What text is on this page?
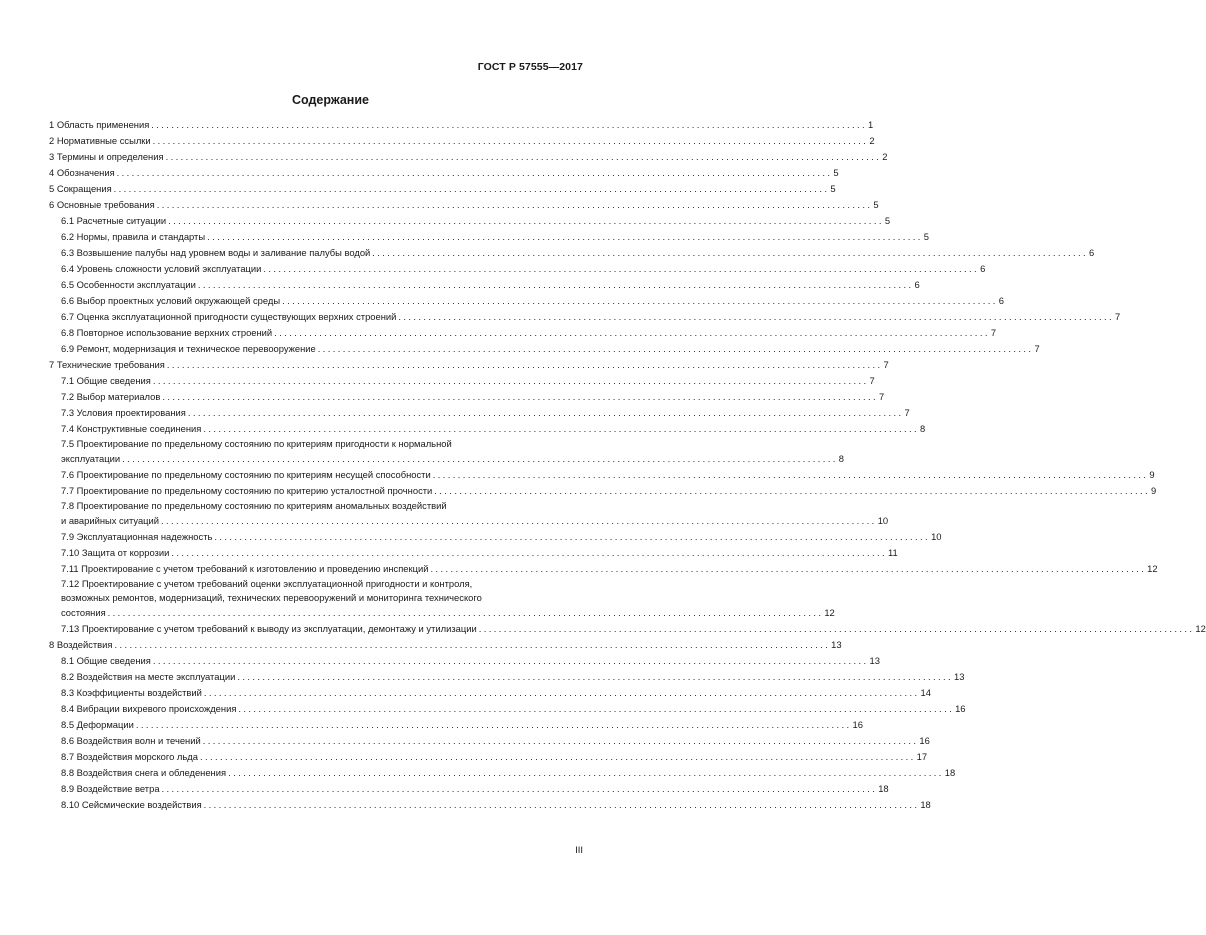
ГОСТ Р 57555—2017
Содержание
1 Область применения ............................................................................................................................................... 1
2 Нормативные ссылки ............................................................................................................................................... 2
3 Термины и определения ............................................................................................................................................... 2
4 Обозначения ............................................................................................................................................... 5
5 Сокращения ............................................................................................................................................... 5
6 Основные требования ............................................................................................................................................... 5
6.1 Расчетные ситуации ............................................................................................................................................... 5
6.2 Нормы, правила и стандарты ............................................................................................................................................... 5
6.3 Возвышение палубы над уровнем воды и заливание палубы водой ............................................................................................................................................... 6
6.4 Уровень сложности условий эксплуатации ............................................................................................................................................... 6
6.5 Особенности эксплуатации ............................................................................................................................................... 6
6.6 Выбор проектных условий окружающей среды ............................................................................................................................................... 6
6.7 Оценка эксплуатационной пригодности существующих верхних строений ............................................................................................................................................... 7
6.8 Повторное использование верхних строений ............................................................................................................................................... 7
6.9 Ремонт, модернизация и техническое перевооружение ............................................................................................................................................... 7
7 Технические требования ............................................................................................................................................... 7
7.1 Общие сведения ............................................................................................................................................... 7
7.2 Выбор материалов ............................................................................................................................................... 7
7.3 Условия проектирования ............................................................................................................................................... 7
7.4 Конструктивные соединения ............................................................................................................................................... 8
7.5 Проектирование по предельному состоянию по критериям пригодности к нормальной
эксплуатации ............................................................................................................................................... 8
7.6 Проектирование по предельному состоянию по критериям несущей способности ............................................................................................................................................... 9
7.7 Проектирование по предельному состоянию по критерию усталостной прочности ............................................................................................................................................... 9
7.8 Проектирование по предельному состоянию по критериям аномальных воздействий
и аварийных ситуаций ............................................................................................................................................... 10
7.9 Эксплуатационная надежность ............................................................................................................................................... 10
7.10 Защита от коррозии ............................................................................................................................................... 11
7.11 Проектирование с учетом требований к изготовлению и проведению инспекций ............................................................................................................................................... 12
7.12 Проектирование с учетом требований оценки эксплуатационной пригодности и контроля,
возможных ремонтов, модернизаций, технических перевооружений и мониторинга технического
состояния ............................................................................................................................................... 12
7.13 Проектирование с учетом требований к выводу из эксплуатации, демонтажу и утилизации ............................................................................................................................................... 12
8 Воздействия ............................................................................................................................................... 13
8.1 Общие сведения ............................................................................................................................................... 13
8.2 Воздействия на месте эксплуатации ............................................................................................................................................... 13
8.3 Коэффициенты воздействий ............................................................................................................................................... 14
8.4 Вибрации вихревого происхождения ............................................................................................................................................... 16
8.5 Деформации ............................................................................................................................................... 16
8.6 Воздействия волн и течений ............................................................................................................................................... 16
8.7 Воздействия морского льда ............................................................................................................................................... 17
8.8 Воздействия снега и обледенения ............................................................................................................................................... 18
8.9 Воздействие ветра ............................................................................................................................................... 18
8.10 Сейсмические воздействия ............................................................................................................................................... 18
III
